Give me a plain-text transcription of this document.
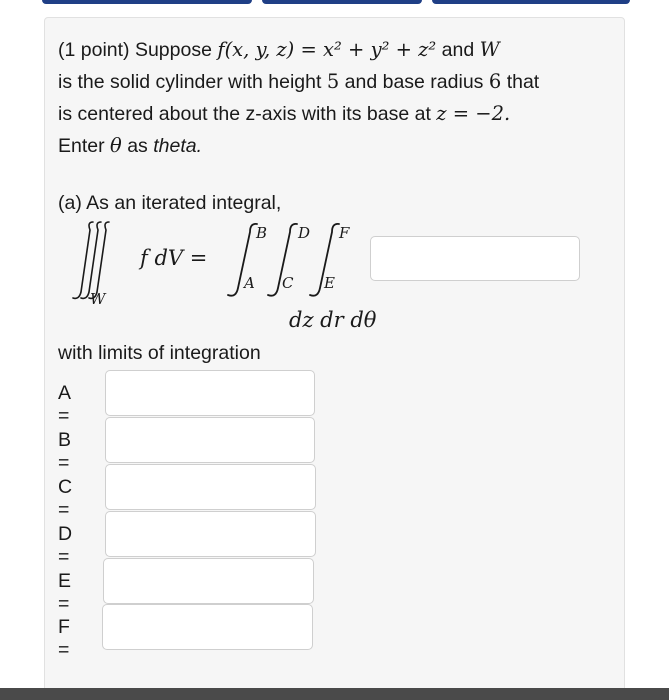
(1 point) Suppose f(x, y, z) = x² + y² + z² and W
is the solid cylinder with height 5 and base radius 6 that
is centered about the z-axis with its base at z = −2.
Enter θ as theta.
(a) As an iterated integral,
W
f dV =
B
A
D
C
F
E
dz dr dθ
with limits of integration
A =
B =
C =
D =
E =
F =
